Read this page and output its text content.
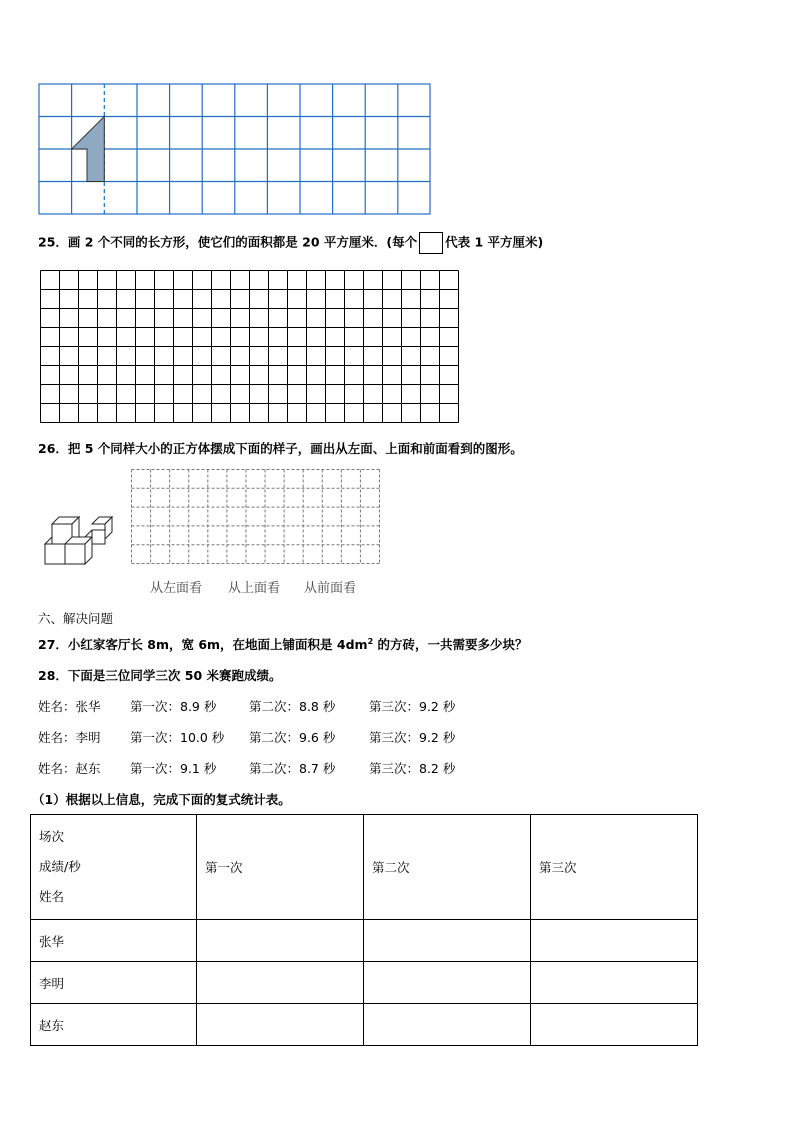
25．画 2 个不同的长方形，使它们的面积都是 20 平方厘米．(每个 代表 1 平方厘米)
26．把 5 个同样大小的正方体摆成下面的样子，画出从左面、上面和前面看到的图形。
从左面看 从上面看 从前面看
六、解决问题
27．小红家客厅长 8m，宽 6m，在地面上铺面积是 $4dm^2$ 的方砖，一共需要多少块？
28．下面是三位同学三次 50 米赛跑成绩。
姓名：张华 第一次：8.9 秒	第二次：8.8 秒	第三次：9.2 秒
姓名：李明 第一次：10.0 秒 第二次：9.6 秒	第三次：9.2 秒
姓名：赵东 第一次：9.1 秒	第二次：8.7 秒	第三次：8.2 秒
（1）根据以上信息，完成下面的复式统计表。
场次
成绩/秒
姓名	第一次	第二次	第三次
张华			
李明			
赵东			
